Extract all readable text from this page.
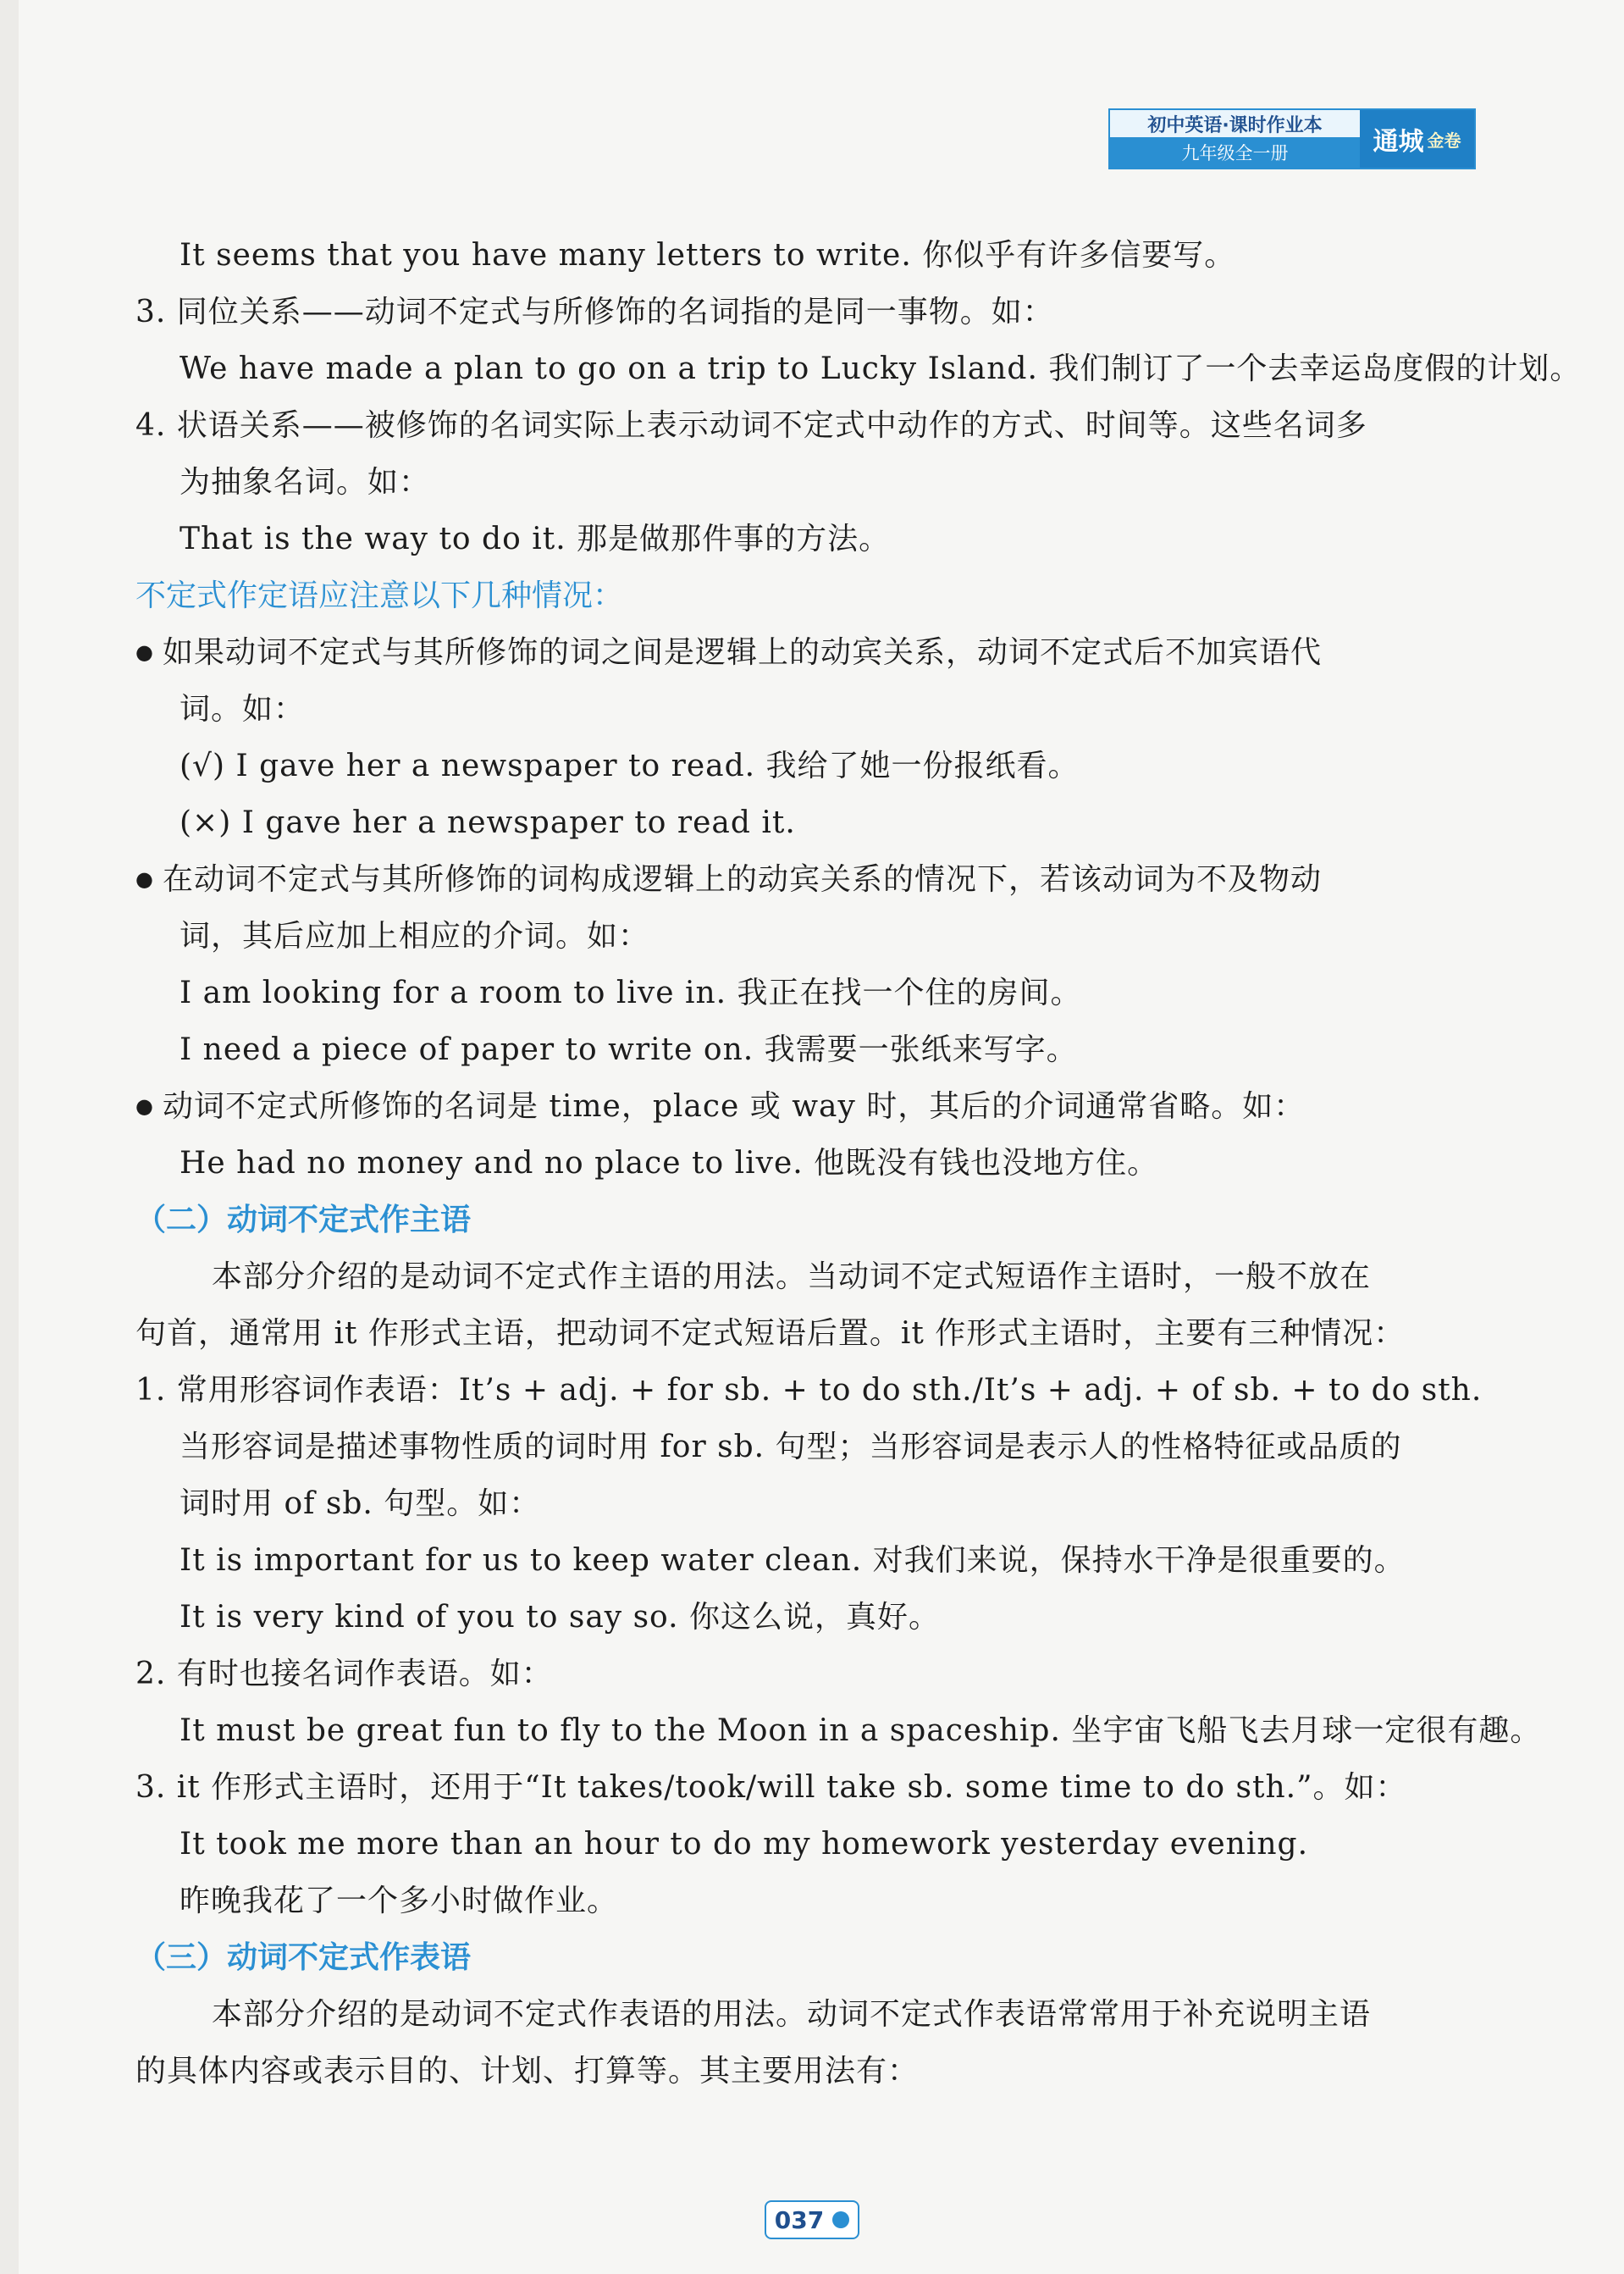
初中英语·课时作业本
九年级全一册	通城 金卷
It seems that you have many letters to write. 你似乎有许多信要写。
3. 同位关系——动词不定式与所修饰的名词指的是同一事物。如：
We have made a plan to go on a trip to Lucky Island. 我们制订了一个去幸运岛度假的计划。
4. 状语关系——被修饰的名词实际上表示动词不定式中动作的方式、时间等。这些名词多
为抽象名词。如：
That is the way to do it. 那是做那件事的方法。
不定式作定语应注意以下几种情况：
● 如果动词不定式与其所修饰的词之间是逻辑上的动宾关系，动词不定式后不加宾语代
词。如：
(√) I gave her a newspaper to read. 我给了她一份报纸看。
(×) I gave her a newspaper to read it.
● 在动词不定式与其所修饰的词构成逻辑上的动宾关系的情况下，若该动词为不及物动
词，其后应加上相应的介词。如：
I am looking for a room to live in. 我正在找一个住的房间。
I need a piece of paper to write on. 我需要一张纸来写字。
● 动词不定式所修饰的名词是 time，place 或 way 时，其后的介词通常省略。如：
He had no money and no place to live. 他既没有钱也没地方住。
（二）动词不定式作主语
本部分介绍的是动词不定式作主语的用法。当动词不定式短语作主语时，一般不放在
句首，通常用 it 作形式主语，把动词不定式短语后置。it 作形式主语时，主要有三种情况：
1. 常用形容词作表语：It’s + adj. + for sb. + to do sth./It’s + adj. + of sb. + to do sth.
当形容词是描述事物性质的词时用 for sb. 句型；当形容词是表示人的性格特征或品质的
词时用 of sb. 句型。如：
It is important for us to keep water clean. 对我们来说，保持水干净是很重要的。
It is very kind of you to say so. 你这么说，真好。
2. 有时也接名词作表语。如：
It must be great fun to fly to the Moon in a spaceship. 坐宇宙飞船飞去月球一定很有趣。
3. it 作形式主语时，还用于“It takes/took/will take sb. some time to do sth.”。如：
It took me more than an hour to do my homework yesterday evening.
昨晚我花了一个多小时做作业。
（三）动词不定式作表语
本部分介绍的是动词不定式作表语的用法。动词不定式作表语常常用于补充说明主语
的具体内容或表示目的、计划、打算等。其主要用法有：
037
